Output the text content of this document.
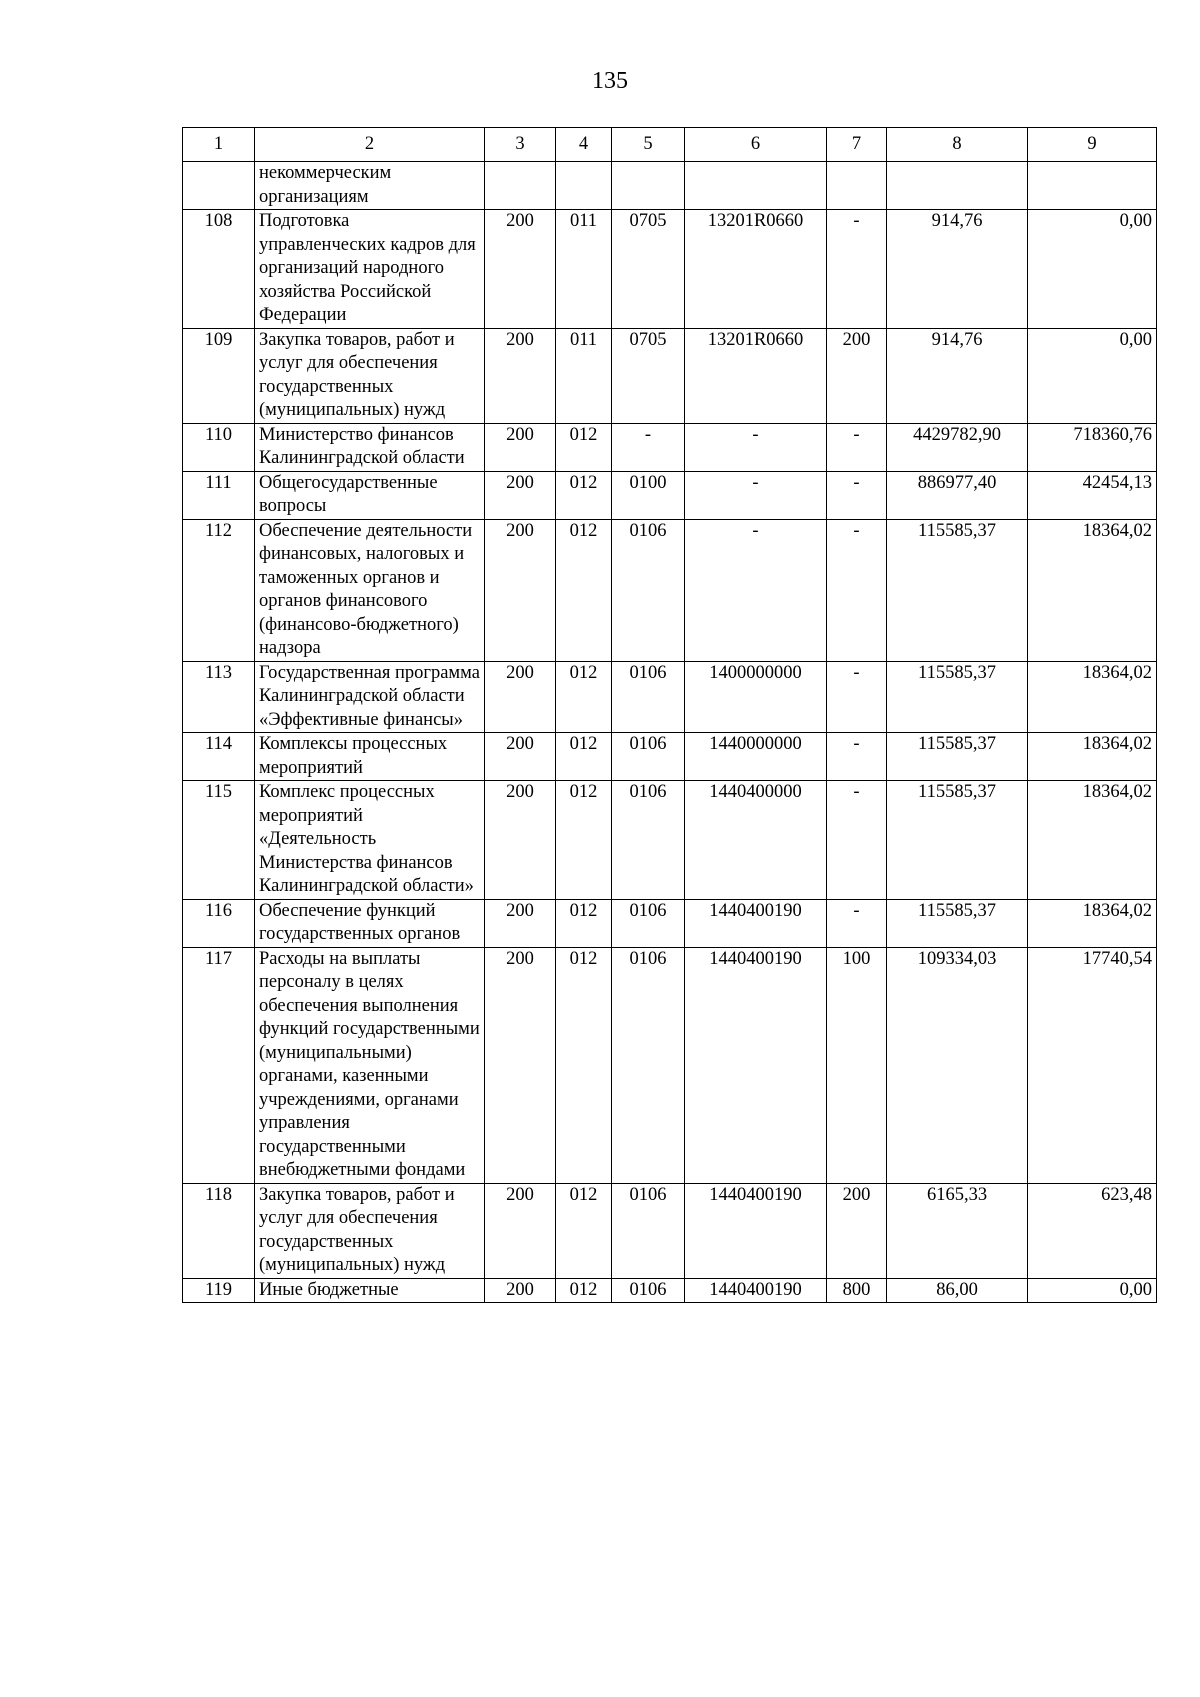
135
1	2	3	4	5	6	7	8	9
	некоммерческим организациям							
108	Подготовка управленческих кадров для организаций народного хозяйства Российской Федерации	200	011	0705	13201R0660	-	914,76	0,00
109	Закупка товаров, работ и услуг для обеспечения государственных (муниципальных) нужд	200	011	0705	13201R0660	200	914,76	0,00
110	Министерство финансов Калининградской области	200	012	-	-	-	4429782,90	718360,76
111	Общегосударственные вопросы	200	012	0100	-	-	886977,40	42454,13
112	Обеспечение деятельности финансовых, налоговых и таможенных органов и органов финансового (финансово-бюджетного) надзора	200	012	0106	-	-	115585,37	18364,02
113	Государственная программа Калининградской области «Эффективные финансы»	200	012	0106	1400000000	-	115585,37	18364,02
114	Комплексы процессных мероприятий	200	012	0106	1440000000	-	115585,37	18364,02
115	Комплекс процессных мероприятий «Деятельность Министерства финансов Калининградской области»	200	012	0106	1440400000	-	115585,37	18364,02
116	Обеспечение функций государственных органов	200	012	0106	1440400190	-	115585,37	18364,02
117	Расходы на выплаты персоналу в целях обеспечения выполнения функций государственными (муниципальными) органами, казенными учреждениями, органами управления государственными внебюджетными фондами	200	012	0106	1440400190	100	109334,03	17740,54
118	Закупка товаров, работ и услуг для обеспечения государственных (муниципальных) нужд	200	012	0106	1440400190	200	6165,33	623,48
119	Иные бюджетные	200	012	0106	1440400190	800	86,00	0,00
